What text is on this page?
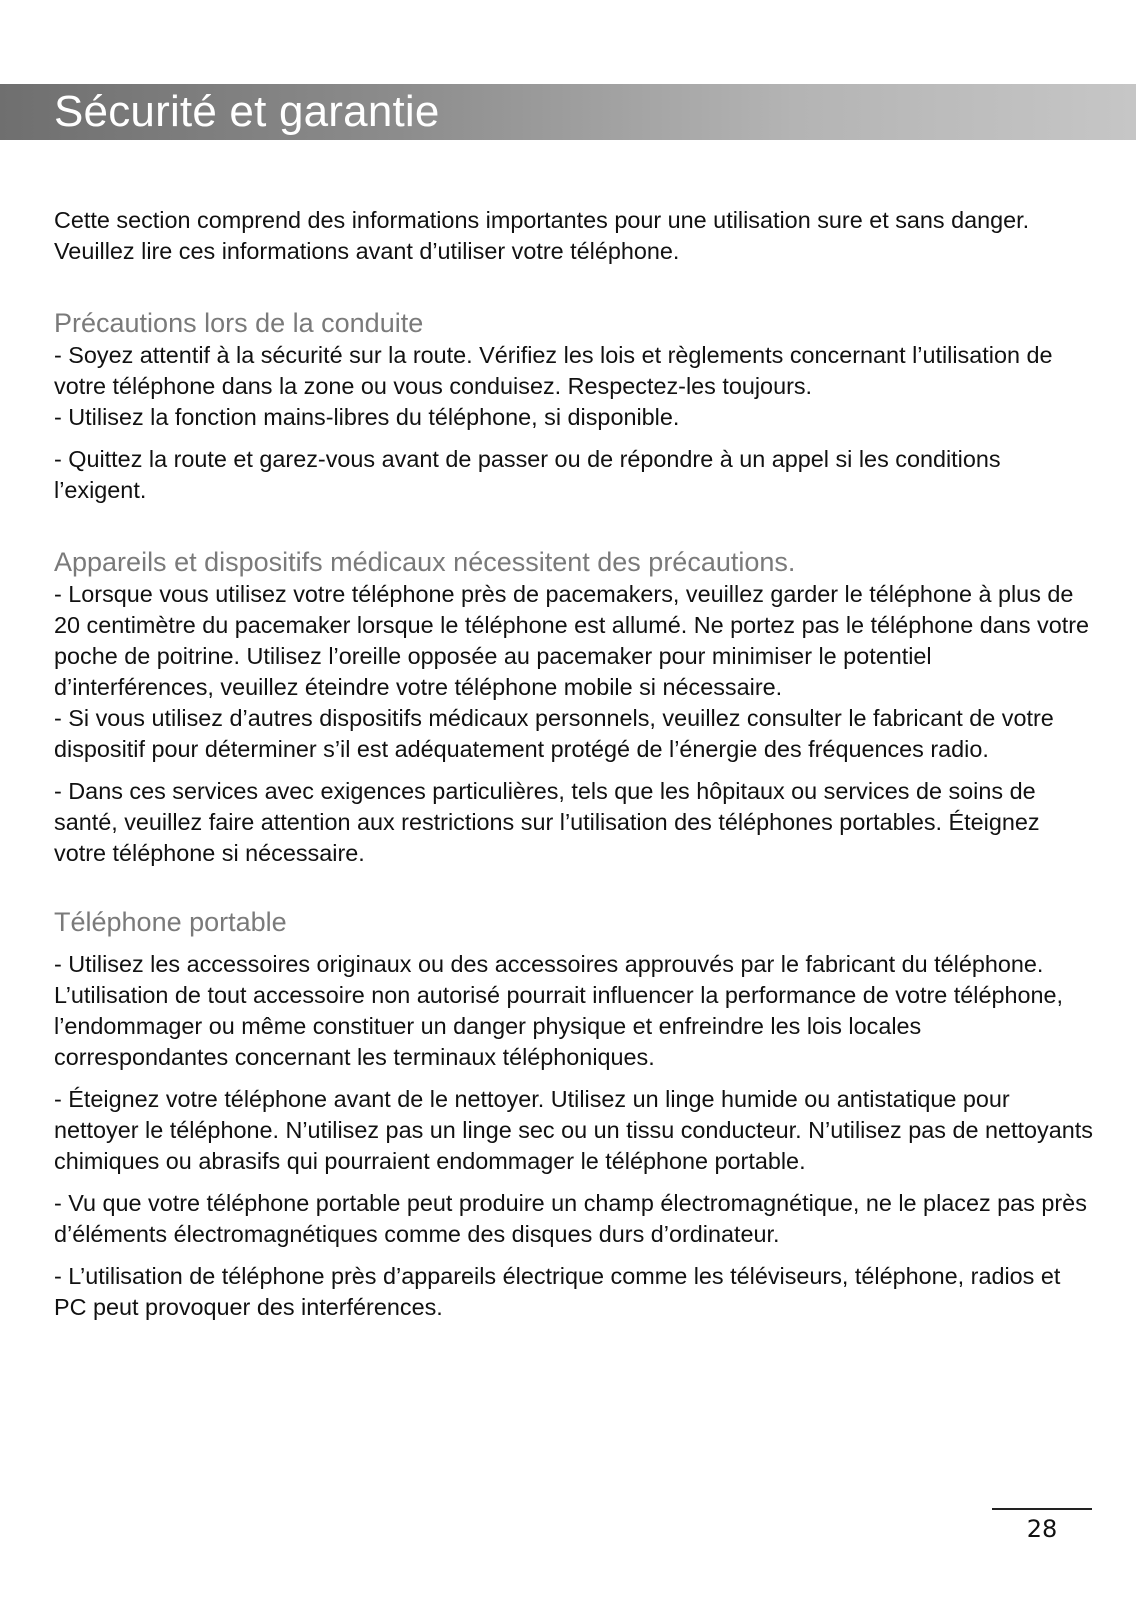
Sécurité et garantie

Cette section comprend des informations importantes pour une utilisation sure et sans danger. Veuillez lire ces informations avant d’utiliser votre téléphone.

Précautions lors de la conduite

- Soyez attentif à la sécurité sur la route. Vérifiez les lois et règlements concernant l’utilisation de votre téléphone dans la zone ou vous conduisez. Respectez-les toujours.

- Utilisez la fonction mains-libres du téléphone, si disponible.

- Quittez la route et garez-vous avant de passer ou de répondre à un appel si les conditions l’exigent.

Appareils et dispositifs médicaux nécessitent des précautions.

- Lorsque vous utilisez votre téléphone près de pacemakers, veuillez garder le téléphone à plus de 20 centimètre du pacemaker lorsque le téléphone est allumé. Ne portez pas le téléphone dans votre poche de poitrine. Utilisez l’oreille opposée au pacemaker pour minimiser le potentiel d’interférences, veuillez éteindre votre téléphone mobile si nécessaire.

- Si vous utilisez d’autres dispositifs médicaux personnels, veuillez consulter le fabricant de votre dispositif pour déterminer s’il est adéquatement protégé de l’énergie des fréquences radio.

- Dans ces services avec exigences particulières, tels que les hôpitaux ou services de soins de santé, veuillez faire attention aux restrictions sur l’utilisation des téléphones portables. Éteignez votre téléphone si nécessaire.

Téléphone portable

- Utilisez les accessoires originaux ou des accessoires approuvés par le fabricant du téléphone. L’utilisation de tout accessoire non autorisé pourrait influencer la performance de votre téléphone, l’endommager ou même constituer un danger physique et enfreindre les lois locales correspondantes concernant les terminaux téléphoniques.

- Éteignez votre téléphone avant de le nettoyer. Utilisez un linge humide ou antistatique pour nettoyer le téléphone. N’utilisez pas un linge sec ou un tissu conducteur. N’utilisez pas de nettoyants chimiques ou abrasifs qui pourraient endommager le téléphone portable.

- Vu que votre téléphone portable peut produire un champ électromagnétique, ne le placez pas près d’éléments électromagnétiques comme des disques durs d’ordinateur.

- L’utilisation de téléphone près d’appareils électrique comme les téléviseurs, téléphone, radios et PC peut provoquer des interférences.

28
